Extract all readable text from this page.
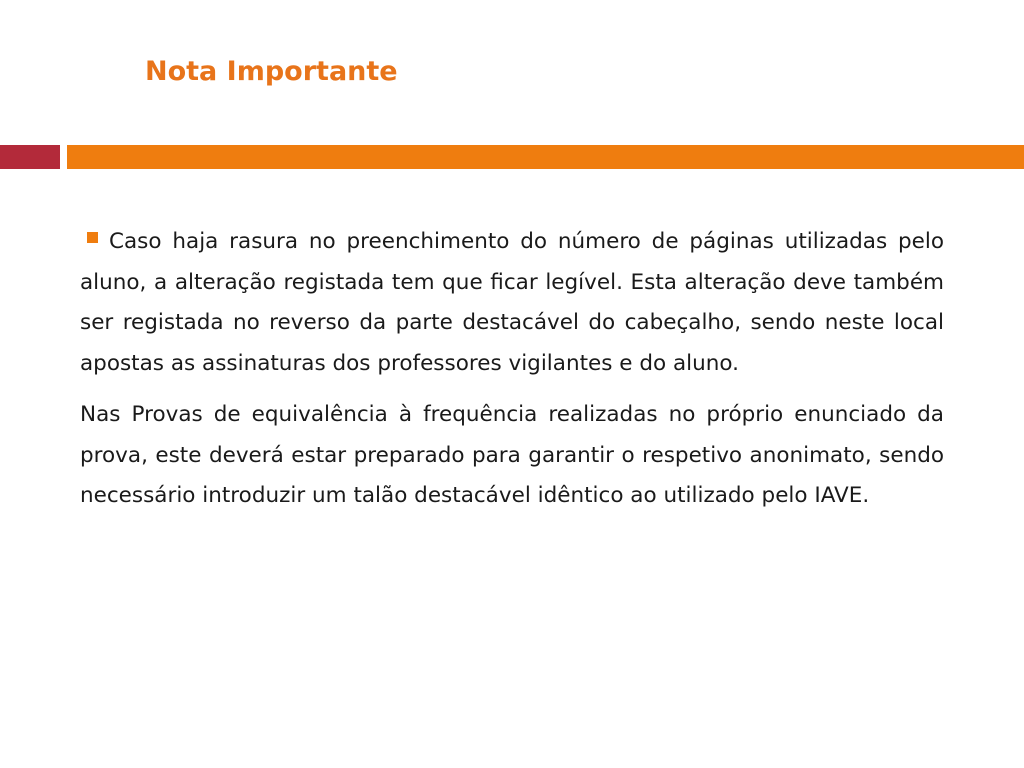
Nota Importante

Caso haja rasura no preenchimento do número de páginas utilizadas pelo aluno, a alteração registada tem que ficar legível. Esta alteração deve também ser registada no reverso da parte destacável do cabeçalho, sendo neste local apostas as assinaturas dos professores vigilantes e do aluno.

Nas Provas de equivalência à frequência realizadas no próprio enunciado da prova, este deverá estar preparado para garantir o respetivo anonimato, sendo necessário introduzir um talão destacável idêntico ao utilizado pelo IAVE.
